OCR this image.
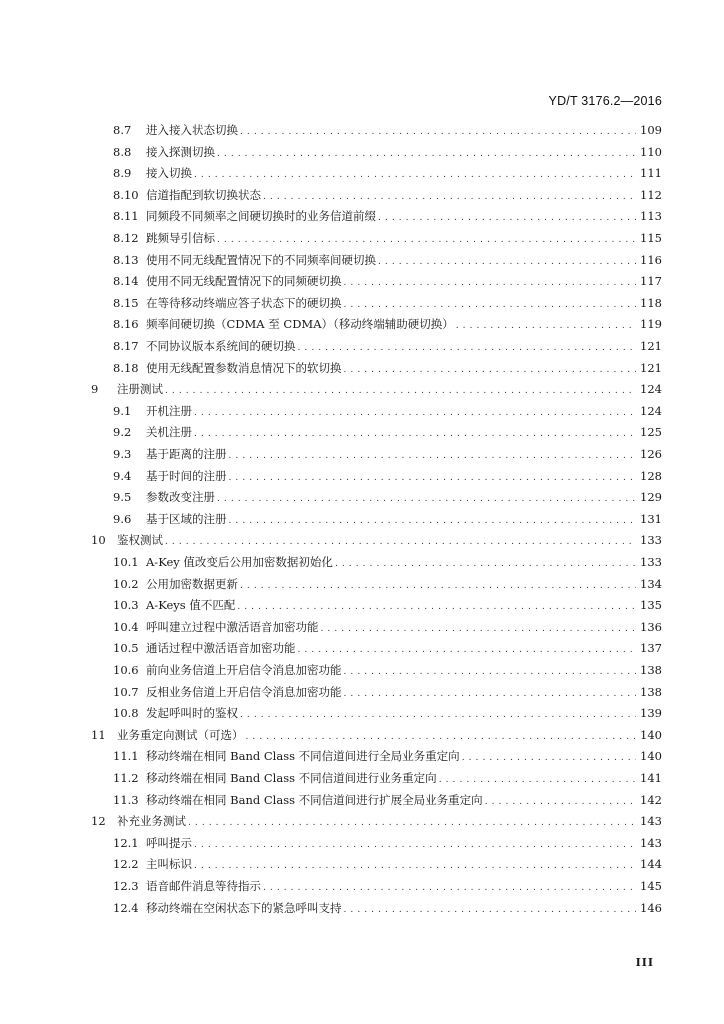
YD/T 3176.2—2016
8.7	进入接入状态切换 . . .	109
8.8	接入探测切换 . . .	110
8.9	接入切换 . . .	111
8.10 信道指配到软切换状态 . . .	112
8.11 同频段不同频率之间硬切换时的业务信道前缀 . . .	113
8.12 跳频导引信标 . . .	115
8.13 使用不同无线配置情况下的不同频率间硬切换 . . .	116
8.14 使用不同无线配置情况下的同频硬切换 . . .	117
8.15 在等待移动终端应答子状态下的硬切换 . . .	118
8.16 频率间硬切换（CDMA 至 CDMA）（移动终端辅助硬切换） . . .	119
8.17 不同协议版本系统间的硬切换 . . .	121
8.18 使用无线配置参数消息情况下的软切换 . . .	121
9	注册测试 . . .	124
9.1	开机注册 . . .	124
9.2	关机注册 . . .	125
9.3	基于距离的注册 . . .	126
9.4	基于时间的注册 . . .	128
9.5	参数改变注册 . . .	129
9.6	基于区域的注册 . . .	131
10 鉴权测试 . . .	133
10.1 A-Key 值改变后公用加密数据初始化 . . .	133
10.2 公用加密数据更新 . . .	134
10.3 A-Keys 值不匹配 . . .	135
10.4 呼叫建立过程中激活语音加密功能 . . .	136
10.5 通话过程中激活语音加密功能 . . .	137
10.6 前向业务信道上开启信令消息加密功能 . . .	138
10.7 反相业务信道上开启信令消息加密功能 . . .	138
10.8 发起呼叫时的鉴权 . . .	139
11 业务重定向测试（可选） . . .	140
11.1 移动终端在相同 Band Class 不同信道间进行全局业务重定向 . . .	140
11.2 移动终端在相同 Band Class 不同信道间进行业务重定向 . . .	141
11.3 移动终端在相同 Band Class 不同信道间进行扩展全局业务重定向 . . .	142
12 补充业务测试 . . .	143
12.1 呼叫提示 . . .	143
12.2 主叫标识 . . .	144
12.3 语音邮件消息等待指示 . . .	145
12.4 移动终端在空闲状态下的紧急呼叫支持 . . .	146
III
